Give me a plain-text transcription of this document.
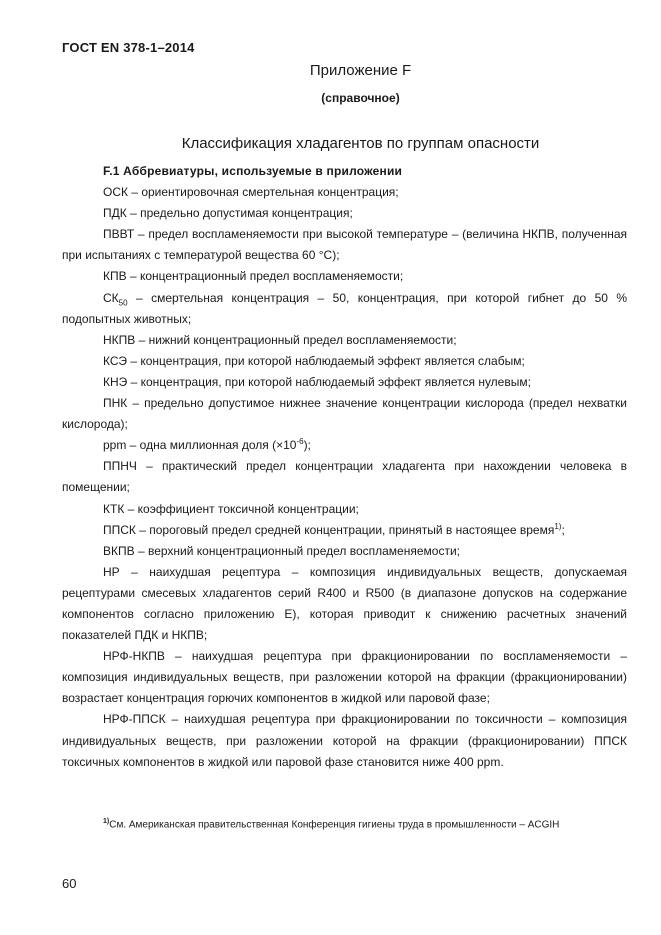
ГОСТ EN 378-1–2014
Приложение F
(справочное)
Классификация хладагентов по группам опасности
F.1 Аббревиатуры, используемые в приложении

ОСК – ориентировочная смертельная концентрация;

ПДК – предельно допустимая концентрация;

ПВВТ – предел воспламеняемости при высокой температуре – (величина НКПВ, полученная при испытаниях с температурой вещества 60 °С);

КПВ – концентрационный предел воспламеняемости;

$СК_{50}$ – смертельная концентрация – 50, концентрация, при которой гибнет до 50 % подопытных животных;

НКПВ – нижний концентрационный предел воспламеняемости;

КСЭ – концентрация, при которой наблюдаемый эффект является слабым;

КНЭ – концентрация, при которой наблюдаемый эффект является нулевым;

ПНК – предельно допустимое нижнее значение концентрации кислорода (предел нехватки кислорода);

ppm – одна миллионная доля $(\times 10^{-6})$;

ППНЧ – практический предел концентрации хладагента при нахождении человека в помещении;

КТК – коэффициент токсичной концентрации;

ППСК – пороговый предел средней концентрации, принятый в настоящее время$^{1)}$;

ВКПВ – верхний концентрационный предел воспламеняемости;

НР – наихудшая рецептура – композиция индивидуальных веществ, допускаемая рецептурами смесевых хладагентов серий R400 и R500 (в диапазоне допусков на содержание компонентов согласно приложению Е), которая приводит к снижению расчетных значений показателей ПДК и НКПВ;

НРФ-НКПВ – наихудшая рецептура при фракционировании по воспламеняемости – композиция индивидуальных веществ, при разложении которой на фракции (фракционировании) возрастает концентрация горючих компонентов в жидкой или паровой фазе;

НРФ-ППСК – наихудшая рецептура при фракционировании по токсичности – композиция индивидуальных веществ, при разложении которой на фракции (фракционировании) ППСК токсичных компонентов в жидкой или паровой фазе становится ниже 400 ppm.

$^{1)}$См. Американская правительственная Конференция гигиены труда в промышленности – ACGIH
60
